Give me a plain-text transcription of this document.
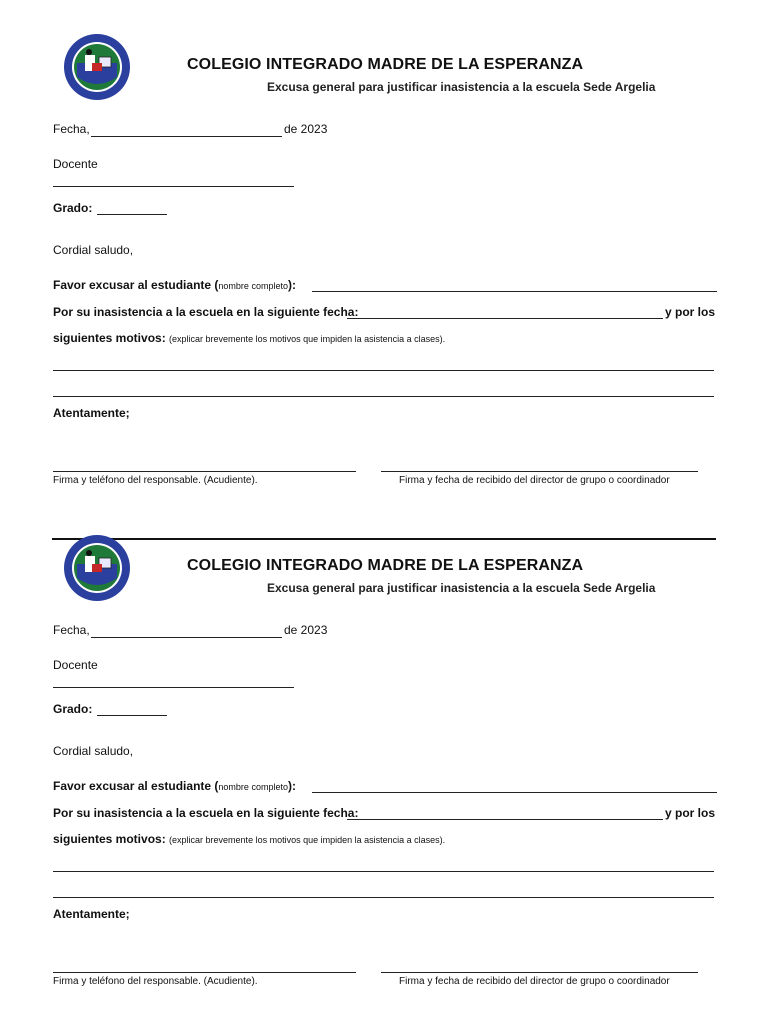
COLEGIO INTEGRADO MADRE DE LA ESPERANZA
Excusa general para justificar inasistencia a la escuela Sede Argelia
Fecha,	de 2023
Docente
Grado:
Cordial saludo,
Favor excusar al estudiante (nombre completo):
Por su inasistencia a la escuela en la siguiente fecha:	y por los
siguientes motivos: (explicar brevemente los motivos que impiden la asistencia a clases).
Atentamente;
Firma y teléfono del responsable. (Acudiente).	Firma y fecha de recibido del director de grupo o coordinador
COLEGIO INTEGRADO MADRE DE LA ESPERANZA
Excusa general para justificar inasistencia a la escuela Sede Argelia
Fecha,	de 2023
Docente
Grado:
Cordial saludo,
Favor excusar al estudiante (nombre completo):
Por su inasistencia a la escuela en la siguiente fecha:	y por los
siguientes motivos: (explicar brevemente los motivos que impiden la asistencia a clases).
Atentamente;
Firma y teléfono del responsable. (Acudiente).	Firma y fecha de recibido del director de grupo o coordinador
